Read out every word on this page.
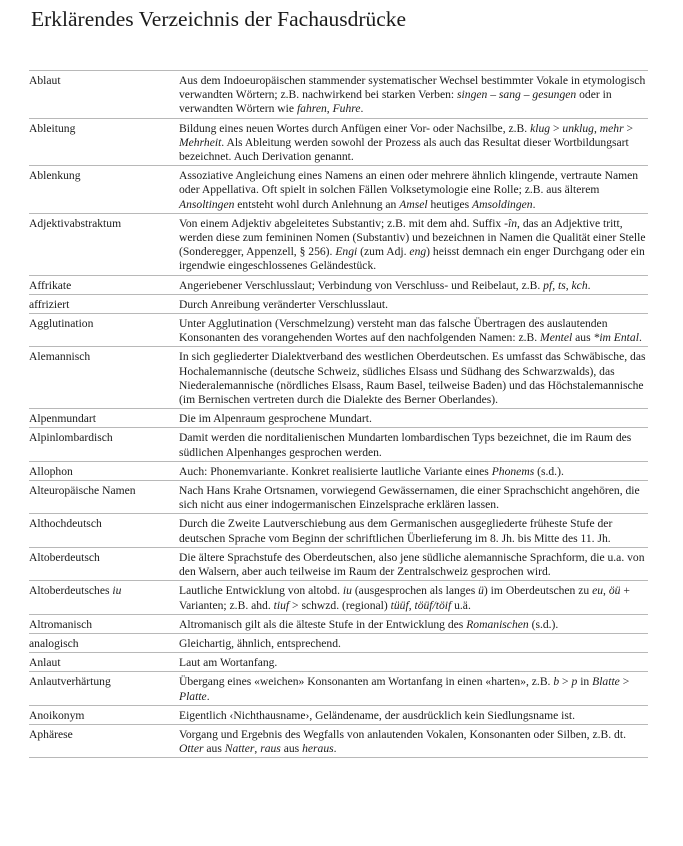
Erklärendes Verzeichnis der Fachausdrücke
Ablaut	Aus dem Indoeuropäischen stammender systematischer Wechsel bestimmter Vokale in etymologisch verwandten Wörtern; z.B. nachwirkend bei starken Verben: singen – sang – gesungen oder in verwandten Wörtern wie fahren, Fuhre.
Ableitung	Bildung eines neuen Wortes durch Anfügen einer Vor- oder Nachsilbe, z.B. klug > unklug, mehr > Mehrheit. Als Ableitung werden sowohl der Prozess als auch das Resultat dieser Wortbildungsart bezeichnet. Auch Derivation genannt.
Ablenkung	Assoziative Angleichung eines Namens an einen oder mehrere ähnlich klingende, vertraute Namen oder Appellativa. Oft spielt in solchen Fällen Volksetymologie eine Rolle; z.B. aus älterem Ansoltingen entsteht wohl durch Anlehnung an Amsel heutiges Amsoldingen.
Adjektivabstraktum	Von einem Adjektiv abgeleitetes Substantiv; z.B. mit dem ahd. Suffix -în, das an Adjektive tritt, werden diese zum femininen Nomen (Substantiv) und bezeichnen in Namen die Qualität einer Stelle (Sonderegger, Appenzell, § 256). Engi (zum Adj. eng) heisst demnach ein enger Durchgang oder ein irgendwie eingeschlossenes Geländestück.
Affrikate	Angeriebener Verschlusslaut; Verbindung von Verschluss- und Reibelaut, z.B. pf, ts, kch.
affriziert	Durch Anreibung veränderter Verschlusslaut.
Agglutination	Unter Agglutination (Verschmelzung) versteht man das falsche Übertragen des auslautenden Konsonanten des vorangehenden Wortes auf den nachfolgenden Namen: z.B. Mentel aus *im Ental.
Alemannisch	In sich gegliederter Dialektverband des westlichen Oberdeutschen. Es umfasst das Schwäbische, das Hochalemannische (deutsche Schweiz, südliches Elsass und Südhang des Schwarzwalds), das Niederalemannische (nördliches Elsass, Raum Basel, teilweise Baden) und das Höchstalemannische (im Bernischen vertreten durch die Dialekte des Berner Oberlandes).
Alpenmundart	Die im Alpenraum gesprochene Mundart.
Alpinlombardisch	Damit werden die norditalienischen Mundarten lombardischen Typs bezeichnet, die im Raum des südlichen Alpenhanges gesprochen werden.
Allophon	Auch: Phonemvariante. Konkret realisierte lautliche Variante eines Phonems (s.d.).
Alteuropäische Namen	Nach Hans Krahe Ortsnamen, vorwiegend Gewässernamen, die einer Sprachschicht angehören, die sich nicht aus einer indogermanischen Einzelsprache erklären lassen.
Althochdeutsch	Durch die Zweite Lautverschiebung aus dem Germanischen ausgegliederte früheste Stufe der deutschen Sprache vom Beginn der schriftlichen Überlieferung im 8. Jh. bis Mitte des 11. Jh.
Altoberdeutsch	Die ältere Sprachstufe des Oberdeutschen, also jene südliche alemannische Sprachform, die u.a. von den Walsern, aber auch teilweise im Raum der Zentralschweiz gesprochen wird.
Altoberdeutsches iu	Lautliche Entwicklung von altobd. iu (ausgesprochen als langes ü) im Oberdeutschen zu eu, öü + Varianten; z.B. ahd. tiuf > schwzd. (regional) tüüf, töüf/töif u.ä.
Altromanisch	Altromanisch gilt als die älteste Stufe in der Entwicklung des Romanischen (s.d.).
analogisch	Gleichartig, ähnlich, entsprechend.
Anlaut	Laut am Wortanfang.
Anlautverhärtung	Übergang eines «weichen» Konsonanten am Wortanfang in einen «harten», z.B. b > p in Blatte > Platte.
Anoikonym	Eigentlich ‹Nichthausname›, Geländename, der ausdrücklich kein Siedlungsname ist.
Aphärese	Vorgang und Ergebnis des Wegfalls von anlautenden Vokalen, Konsonanten oder Silben, z.B. dt. Otter aus Natter, raus aus heraus.
